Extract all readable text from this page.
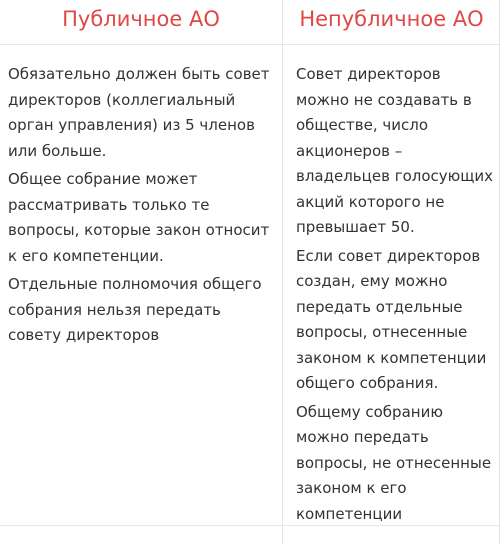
Публичное АО	Непубличное АО

Обязательно должен быть совет директоров (коллегиальный орган управления) из 5 членов или больше.

Общее собрание может рассматривать только те вопросы, которые закон относит к его компетенции.

Отдельные полномочия общего собрания нельзя передать совету директоров

Совет директоров можно не создавать в обществе, число акционеров – владельцев голосующих акций которого не превышает 50.

Если совет директоров создан, ему можно передать отдельные вопросы, отнесенные законом к компетенции общего собрания.

Общему собранию можно передать вопросы, не отнесенные законом к его компетенции
